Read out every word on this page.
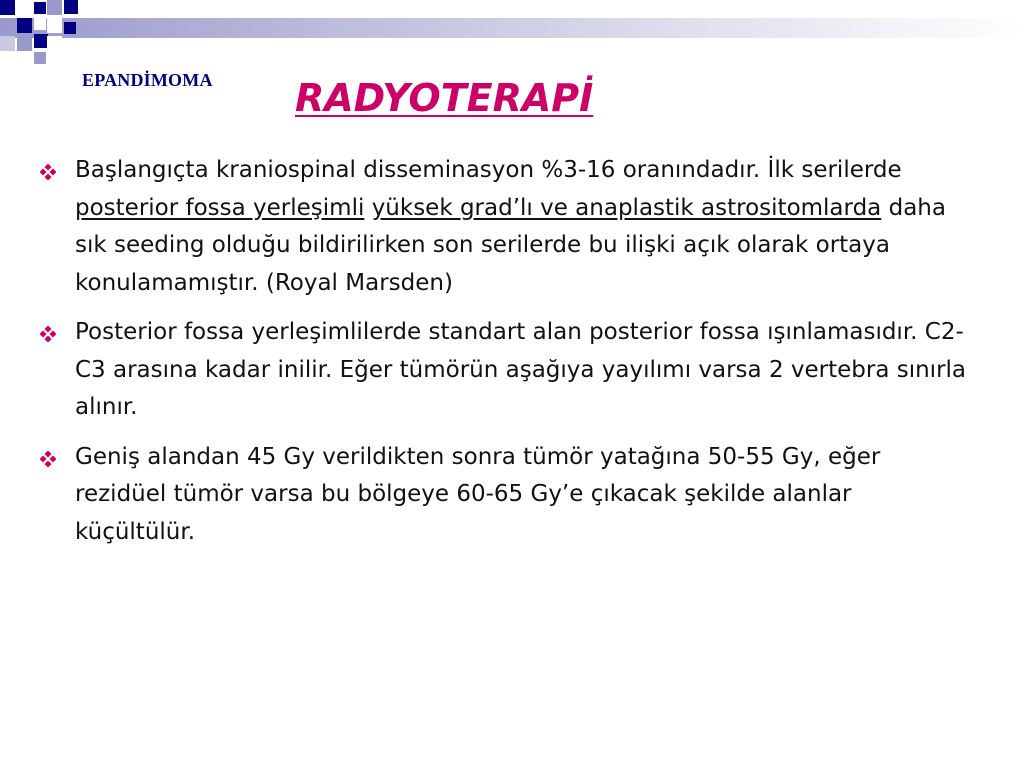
EPANDİMOMA RADYOTERAPİ
Başlangıçta kraniospinal disseminasyon %3-16 oranındadır. İlk serilerde posterior fossa yerleşimli yüksek grad’lı ve anaplastik astrositomlarda daha sık seeding olduğu bildirilirken son serilerde bu ilişki açık olarak ortaya konulamamıştır. (Royal Marsden)
Posterior fossa yerleşimlilerde standart alan posterior fossa ışınlamasıdır. C2-C3 arasına kadar inilir. Eğer tümörün aşağıya yayılımı varsa 2 vertebra sınırla alınır.
Geniş alandan 45 Gy verildikten sonra tümör yatağına 50-55 Gy, eğer rezidüel tümör varsa bu bölgeye 60-65 Gy’e çıkacak şekilde alanlar küçültülür.
